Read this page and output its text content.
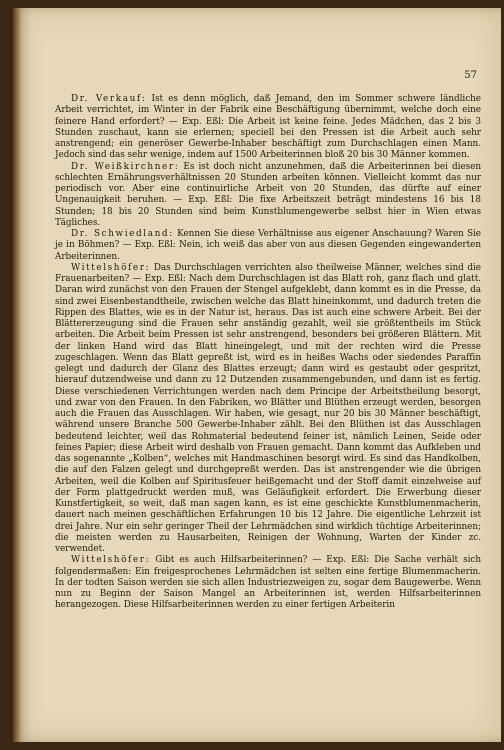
57

Dr. Verkauf: Ist es denn möglich, daß Jemand, den im Sommer schwere ländliche Arbeit verrichtet, im Winter in der Fabrik eine Beschäftigung übernimmt, welche doch eine feinere Hand erfordert? — Exp. Eßl: Die Arbeit ist keine feine. Jedes Mädchen, das 2 bis 3 Stunden zuschaut, kann sie erlernen; speciell bei den Pressen ist die Arbeit auch sehr anstrengend; ein generöser Gewerbe-Inhaber beschäftigt zum Durchschlagen einen Mann. Jedoch sind das sehr wenige, indem auf 1500 Arbeiterinnen bloß 20 bis 30 Männer kommen.

Dr. Weißkirchner: Es ist doch nicht anzunehmen, daß die Arbeiterinnen bei diesen schlechten Ernährungsverhältnissen 20 Stunden arbeiten können. Vielleicht kommt das nur periodisch vor. Aber eine continuirliche Arbeit von 20 Stunden, das dürfte auf einer Ungenauigkeit beruhen. — Exp. Eßl: Die fixe Arbeitszeit beträgt mindestens 16 bis 18 Stunden; 18 bis 20 Stunden sind beim Kunstblumengewerbe selbst hier in Wien etwas Tägliches.

Dr. Schwiedland: Kennen Sie diese Verhältnisse aus eigener Anschauung? Waren Sie je in Böhmen? — Exp. Eßl: Nein, ich weiß das aber von aus diesen Gegenden eingewanderten Arbeiterinnen.

Wittelshöfer: Das Durchschlagen verrichten also theilweise Männer, welches sind die Frauenarbeiten? — Exp. Eßl: Nach dem Durchschlagen ist das Blatt roh, ganz flach und glatt. Daran wird zunächst von den Frauen der Stengel aufgeklebt, dann kommt es in die Presse, da sind zwei Eisenbestandtheile, zwischen welche das Blatt hineinkommt, und dadurch treten die Rippen des Blattes, wie es in der Natur ist, heraus. Das ist auch eine schwere Arbeit. Bei der Blättererzeugung sind die Frauen sehr anständig gezahlt, weil sie größtentheils im Stück arbeiten. Die Arbeit beim Pressen ist sehr anstrengend, besonders bei größeren Blättern. Mit der linken Hand wird das Blatt hineingelegt, und mit der rechten wird die Presse zugeschlagen. Wenn das Blatt gepreßt ist, wird es in heißes Wachs oder siedendes Paraffin gelegt und dadurch der Glanz des Blattes erzeugt; dann wird es gestaubt oder gespritzt, hierauf dutzendweise und dann zu 12 Dutzenden zusammengebunden, und dann ist es fertig. Diese verschiedenen Verrichtungen werden nach dem Principe der Arbeitstheilung besorgt, und zwar von den Frauen. In den Fabriken, wo Blätter und Blüthen erzeugt werden, besorgen auch die Frauen das Ausschlagen. Wir haben, wie gesagt, nur 20 bis 30 Männer beschäftigt, während unsere Branche 500 Gewerbe-Inhaber zählt. Bei den Blüthen ist das Ausschlagen bedeutend leichter, weil das Rohmaterial bedeutend feiner ist, nämlich Leinen, Seide oder feines Papier; diese Arbeit wird deshalb von Frauen gemacht. Dann kommt das Aufkleben und das sogenannte „Kolben“, welches mit Handmaschinen besorgt wird. Es sind das Handkolben, die auf den Falzen gelegt und durchgepreßt werden. Das ist anstrengender wie die übrigen Arbeiten, weil die Kolben auf Spiritusfeuer heißgemacht und der Stoff damit einzelweise auf der Form plattgedruckt werden muß, was Geläufigkeit erfordert. Die Erwerbung dieser Kunstfertigkeit, so weit, daß man sagen kann, es ist eine geschickte Kunstblumenmacherin, dauert nach meinen geschäftlichen Erfahrungen 10 bis 12 Jahre. Die eigentliche Lehrzeit ist drei Jahre. Nur ein sehr geringer Theil der Lehrmädchen sind wirklich tüchtige Arbeiterinnen; die meisten werden zu Hausarbeiten, Reinigen der Wohnung, Warten der Kinder zc. verwendet.

Wittelshöfer: Gibt es auch Hilfsarbeiterinnen? — Exp. Eßl: Die Sache verhält sich folgendermaßen: Ein freigesprochenes Lehrmädchen ist selten eine fertige Blumenmacherin. In der todten Saison werden sie sich allen Industriezweigen zu, sogar dem Baugewerbe. Wenn nun zu Beginn der Saison Mangel an Arbeiterinnen ist, werden Hilfsarbeiterinnen herangezogen. Diese Hilfsarbeiterinnen werden zu einer fertigen Arbeiterin
